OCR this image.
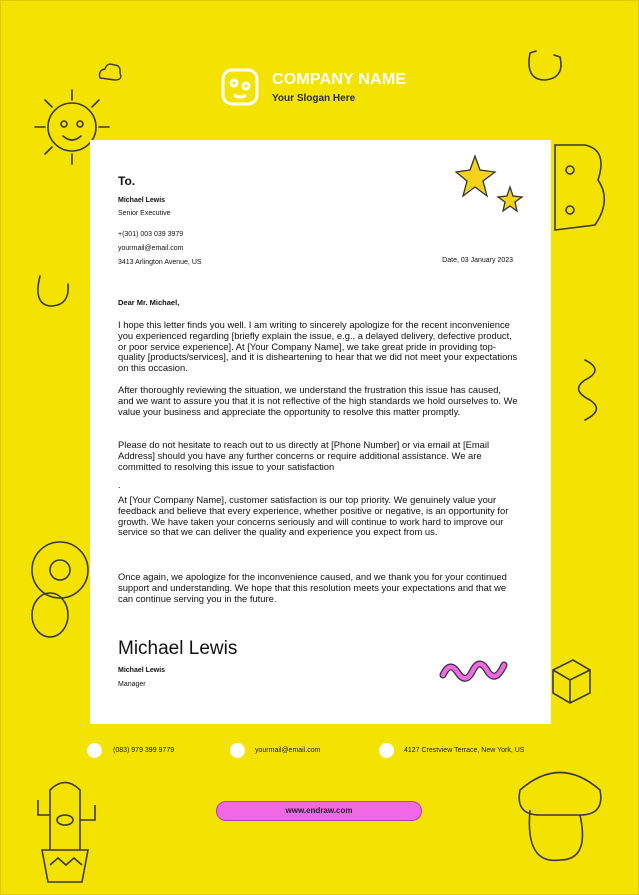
COMPANY NAME
Your Slogan Here
To.
Michael Lewis
Senior Executive
+(301) 003 039 3979
yourmail@email.com
3413 Arlington Avenue, US	Date, 03 January 2023
Dear Mr. Michael,
I hope this letter finds you well. I am writing to sincerely apologize for the recent inconvenience you experienced regarding [briefly explain the issue, e.g., a delayed delivery, defective product, or poor service experience]. At [Your Company Name], we take great pride in providing top-quality [products/services], and it is disheartening to hear that we did not meet your expectations on this occasion.
After thoroughly reviewing the situation, we understand the frustration this issue has caused, and we want to assure you that it is not reflective of the high standards we hold ourselves to. We value your business and appreciate the opportunity to resolve this matter promptly.
Please do not hesitate to reach out to us directly at [Phone Number] or via email at [Email Address] should you have any further concerns or require additional assistance. We are committed to resolving this issue to your satisfaction
.
At [Your Company Name], customer satisfaction is our top priority. We genuinely value your feedback and believe that every experience, whether positive or negative, is an opportunity for growth. We have taken your concerns seriously and will continue to work hard to improve our service so that we can deliver the quality and experience you expect from us.
Once again, we apologize for the inconvenience caused, and we thank you for your continued support and understanding. We hope that this resolution meets your expectations and that we can continue serving you in the future.
Michael Lewis
Michael Lewis
Manager
(083) 979 399 9779	yourmail@email.com	4127 Crestview Terrace, New York, US
www.endraw.com
